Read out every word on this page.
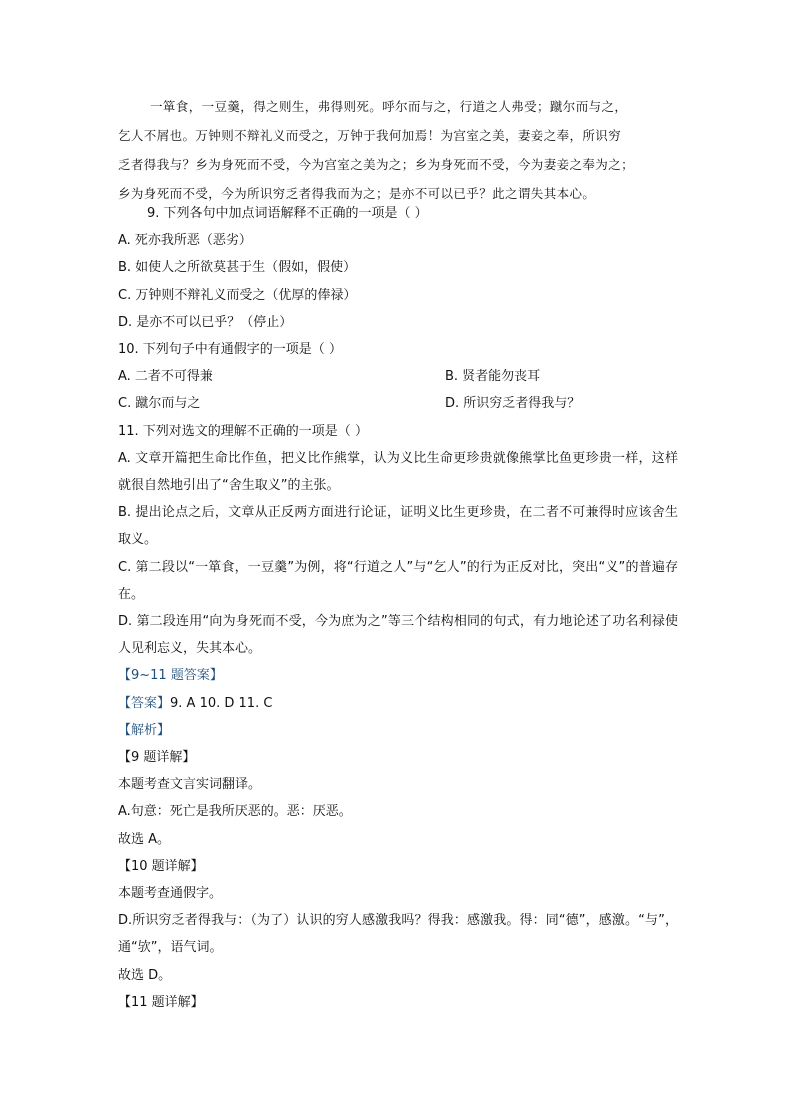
一箪食，一豆羹，得之则生，弗得则死。呼尔而与之，行道之人弗受；蹴尔而与之，

乞人不屑也。万钟则不辩礼义而受之，万钟于我何加焉！为宫室之美，妻妾之奉，所识穷

乏者得我与？乡为身死而不受，今为宫室之美为之；乡为身死而不受，今为妻妾之奉为之；

乡为身死而不受，今为所识穷乏者得我而为之；是亦不可以已乎？此之谓失其本心。

9. 下列各句中加点词语解释不正确的一项是（ ）
A. 死亦我所恶（恶劣）
B. 如使人之所欲莫甚于生（假如，假使）
C. 万钟则不辩礼义而受之（优厚的俸禄）
D. 是亦不可以已乎？（停止）
10. 下列句子中有通假字的一项是（ ）
A. 二者不可得兼	B. 贤者能勿丧耳
C. 蹴尔而与之	D. 所识穷乏者得我与？
11. 下列对选文的理解不正确的一项是（ ）
A. 文章开篇把生命比作鱼，把义比作熊掌，认为义比生命更珍贵就像熊掌比鱼更珍贵一样，这样就很自然地引出了“舍生取义”的主张。
B. 提出论点之后，文章从正反两方面进行论证，证明义比生更珍贵，在二者不可兼得时应该舍生取义。
C. 第二段以“一箪食，一豆羹”为例，将“行道之人”与“乞人”的行为正反对比，突出“义”的普遍存在。
D. 第二段连用“向为身死而不受，今为庶为之”等三个结构相同的句式，有力地论述了功名利禄使人见利忘义，失其本心。
【9~11 题答案】
【答案】9. A 10. D 11. C
【解析】
【9 题详解】
本题考查文言实词翻译。
A.句意：死亡是我所厌恶的。恶：厌恶。
故选 A。
【10 题详解】
本题考查通假字。
D.所识穷乏者得我与：（为了）认识的穷人感激我吗？得我：感激我。得：同“德”，感激。“与”，通“欤”，语气词。
故选 D。
【11 题详解】
